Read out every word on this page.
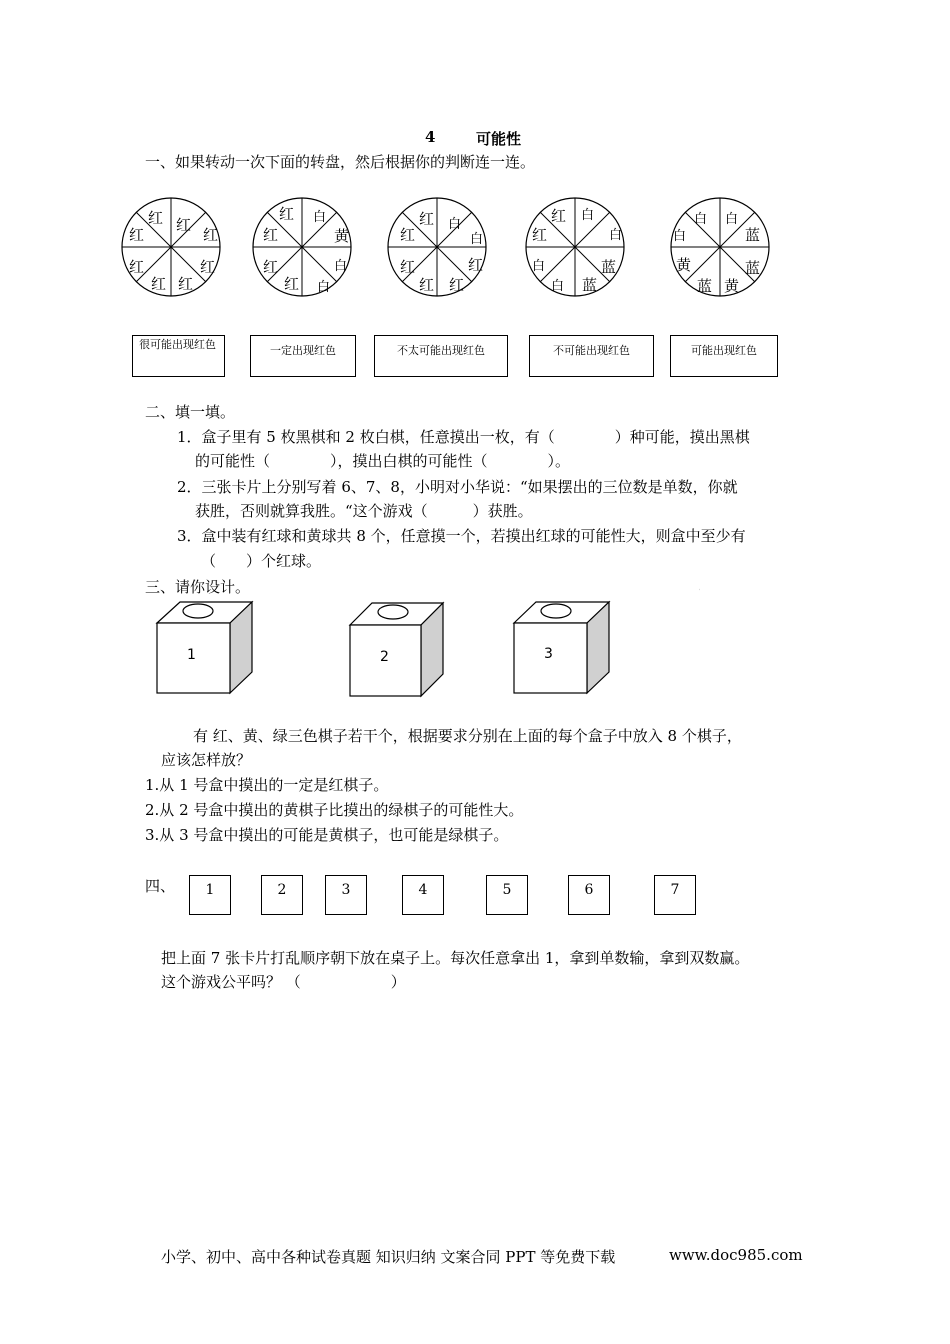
4	可能性
一、如果转动一次下面的转盘，然后根据你的判断连一连。
红 红
红	红
红	红
红 红
白
黄
白
白
红
红
红
红
白
白
红
红
红	红
红 红
白
白
白	蓝
蓝
白
白
红
红
白
蓝
蓝
黄
蓝
黄
白
白
很可能出现红色	一定出现红色	不太可能出现红色	不可能出现红色	可能出现红色
二、填一填。
1．盒子里有 5 枚黑棋和 2 枚白棋，任意摸出一枚，有（　　　　）种可能，摸出黑棋
的可能性（　　　　），摸出白棋的可能性（　　　　）。
2．三张卡片上分别写着 6、7、8，小明对小华说：“如果摆出的三位数是单数，你就
获胜，否则就算我胜。“这个游戏（　　　）获胜。
3．盒中装有红球和黄球共 8 个，任意摸一个，若摸出红球的可能性大，则盒中至少有
（　　）个红球。
三、请你设计。
1	2	3
有 红、黄、绿三色棋子若干个，根据要求分别在上面的每个盒子中放入 8 个棋子，
应该怎样放？
1.从 1 号盒中摸出的一定是红棋子。
2.从 2 号盒中摸出的黄棋子比摸出的绿棋子的可能性大。
3.从 3 号盒中摸出的可能是黄棋子，也可能是绿棋子。
四、	1	2	3	4	5	6	7
把上面 7 张卡片打乱顺序朝下放在桌子上。每次任意拿出 1，拿到单数输，拿到双数赢。
这个游戏公平吗？ （　　　　　　）
小学、初中、高中各种试卷真题 知识归纳 文案合同 PPT 等免费下载	www.doc985.com
